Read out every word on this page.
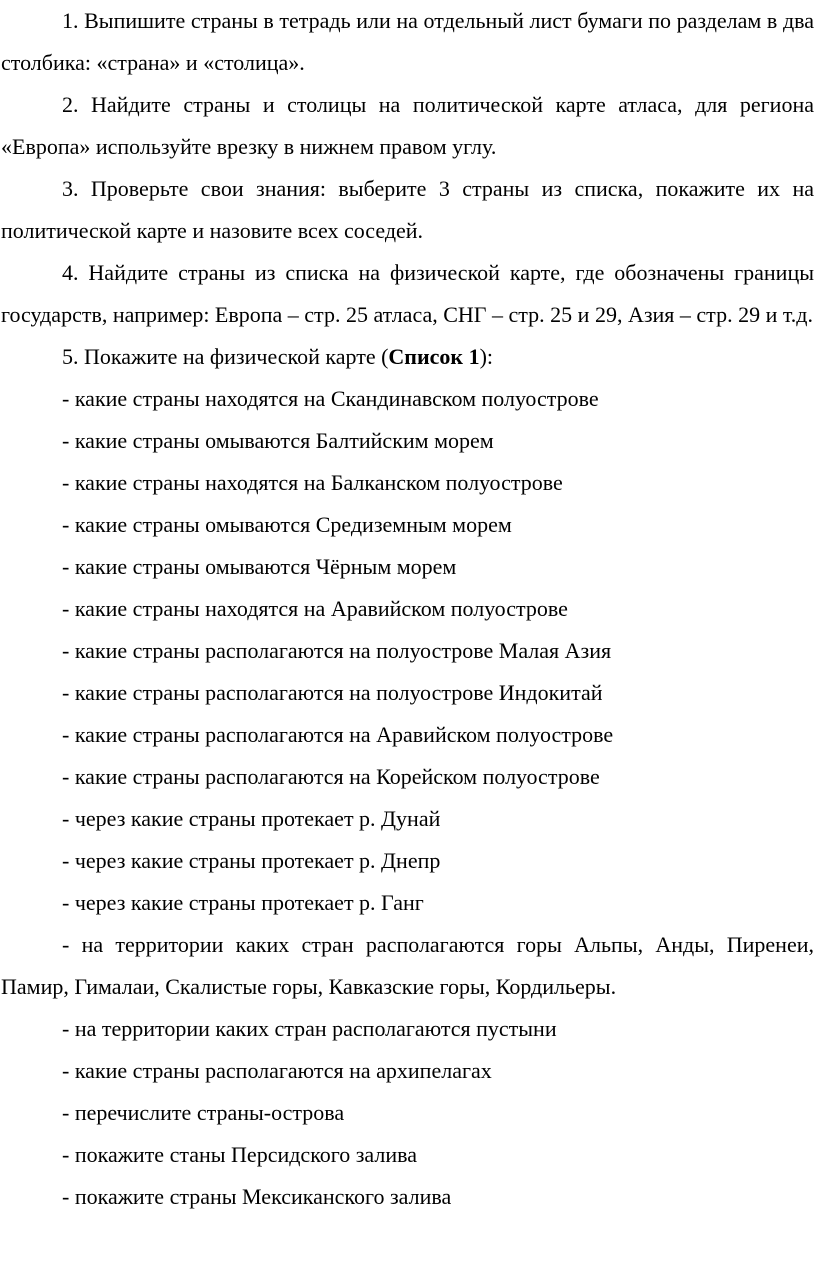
1. Выпишите страны в тетрадь или на отдельный лист бумаги по разделам в два столбика: «страна» и «столица».

2. Найдите страны и столицы на политической карте атласа, для региона «Европа» используйте врезку в нижнем правом углу.

3. Проверьте свои знания: выберите 3 страны из списка, покажите их на политической карте и назовите всех соседей.

4. Найдите страны из списка на физической карте, где обозначены границы государств, например: Европа – стр. 25 атласа, СНГ – стр. 25 и 29, Азия – стр. 29 и т.д.

5. Покажите на физической карте (Список 1):

- какие страны находятся на Скандинавском полуострове

- какие страны омываются Балтийским морем

- какие страны находятся на Балканском полуострове

- какие страны омываются Средиземным морем

- какие страны омываются Чёрным морем

- какие страны находятся на Аравийском полуострове

- какие страны располагаются на полуострове Малая Азия

- какие страны располагаются на полуострове Индокитай

- какие страны располагаются на Аравийском полуострове

- какие страны располагаются на Корейском полуострове

- через какие страны протекает р. Дунай

- через какие страны протекает р. Днепр

- через какие страны протекает р. Ганг

- на территории каких стран располагаются горы Альпы, Анды, Пиренеи, Памир, Гималаи, Скалистые горы, Кавказские горы, Кордильеры.

- на территории каких стран располагаются пустыни

- какие страны располагаются на архипелагах

- перечислите страны-острова

- покажите станы Персидского залива

- покажите страны Мексиканского залива
